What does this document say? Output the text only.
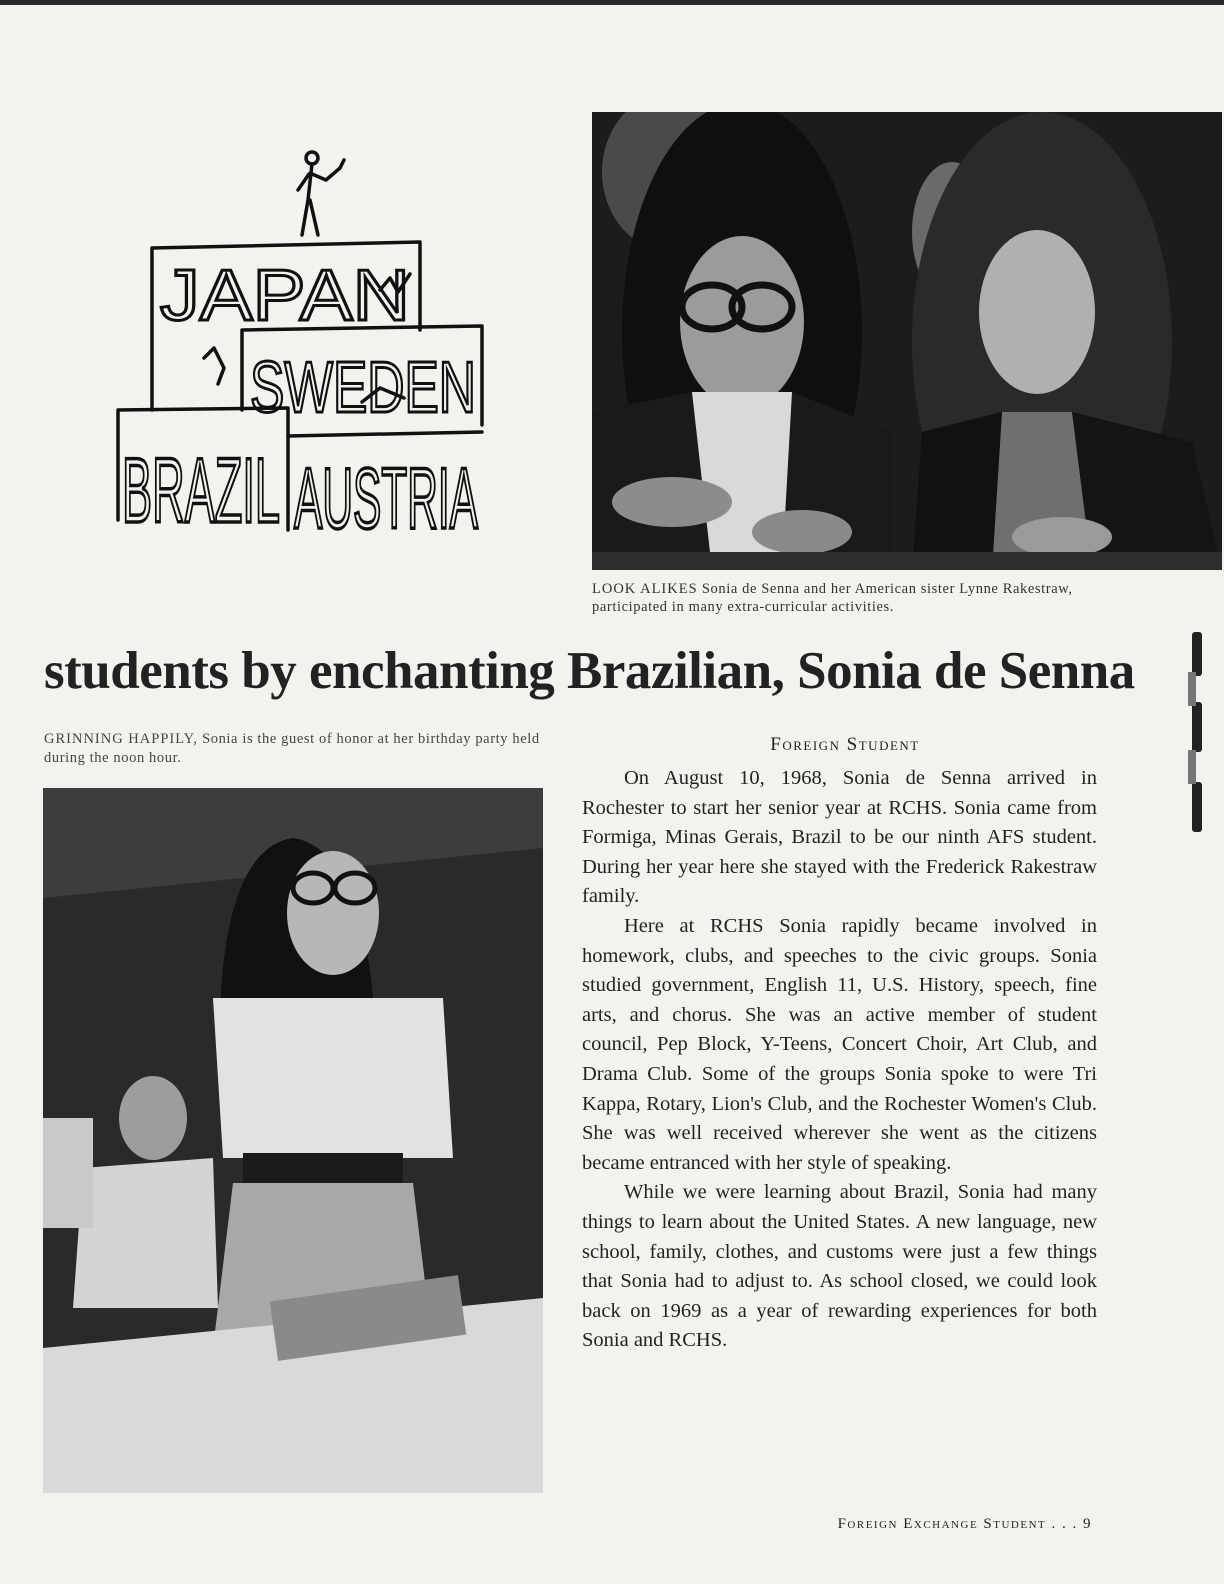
JAPAN
SWEDEN
BRAZIL AUSTRIA
LOOK ALIKES Sonia de Senna and her American sister Lynne Rakestraw, participated in many extra-curricular activities.
students by enchanting Brazilian, Sonia de Senna
GRINNING HAPPILY, Sonia is the guest of honor at her birthday party held during the noon hour.
Foreign Student

On August 10, 1968, Sonia de Senna arrived in Rochester to start her senior year at RCHS. Sonia came from Formiga, Minas Gerais, Brazil to be our ninth AFS student. During her year here she stayed with the Frederick Rakestraw family.

Here at RCHS Sonia rapidly became involved in homework, clubs, and speeches to the civic groups. Sonia studied government, English 11, U.S. History, speech, fine arts, and chorus. She was an active member of student council, Pep Block, Y-Teens, Concert Choir, Art Club, and Drama Club. Some of the groups Sonia spoke to were Tri Kappa, Rotary, Lion's Club, and the Rochester Women's Club. She was well received wherever she went as the citizens became entranced with her style of speaking.

While we were learning about Brazil, Sonia had many things to learn about the United States. A new language, new school, family, clothes, and customs were just a few things that Sonia had to adjust to. As school closed, we could look back on 1969 as a year of rewarding experiences for both Sonia and RCHS.

Foreign Exchange Student . . . 9
